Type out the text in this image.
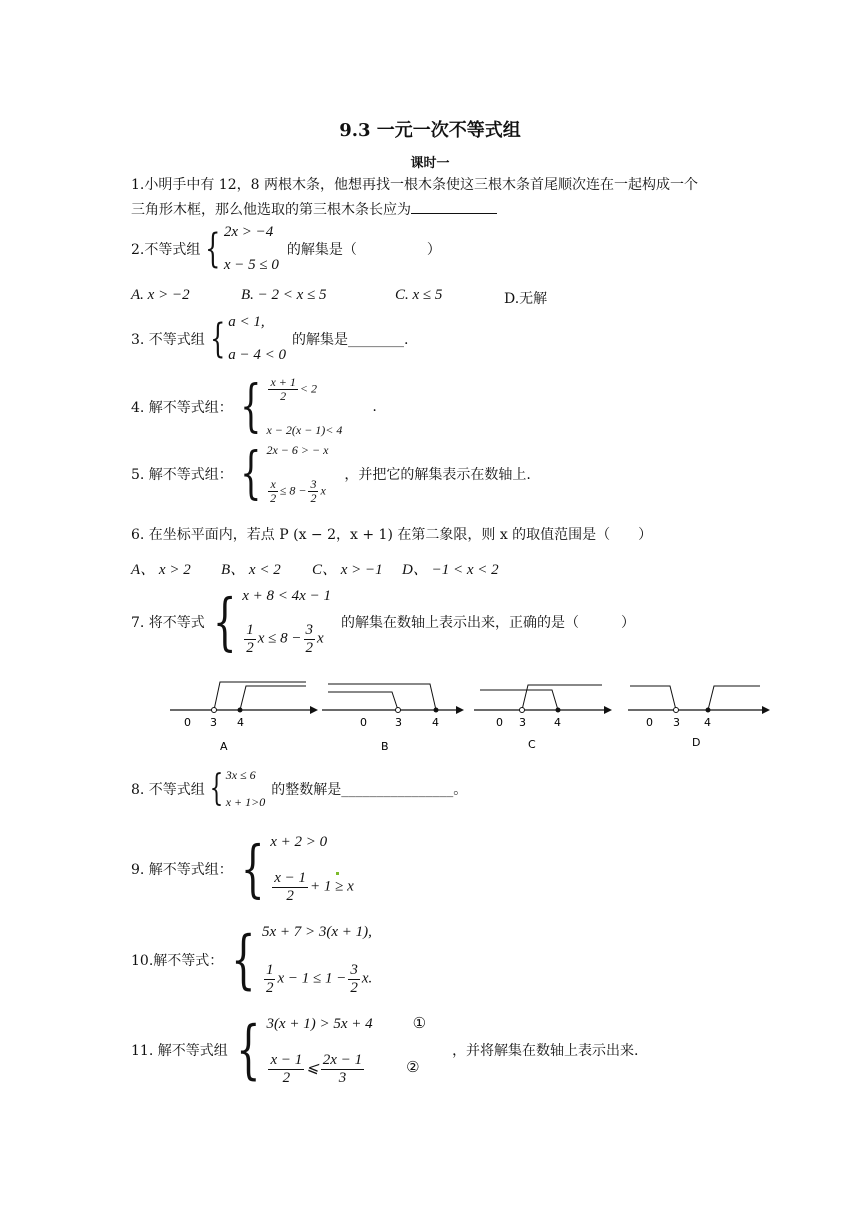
9.3 一元一次不等式组
课时一
1.小明手中有 12，8 两根木条，他想再找一根木条使这三根木条首尾顺次连在一起构成一个
三角形木框，那么他选取的第三根木条长应为
2.不等式组 { 2x > −4
x − 5 ≤ 0
的解集是（　　　　　）
A. x > −2	B. − 2 < x ≤ 5	C. x ≤ 5	D.无解
3. 不等式组 { a < 1,
a − 4 < 0
的解集是________.
4. 解不等式组： { $\frac{x + 1}{2} < 2$
x − 2(x − 1)< 4
.
5. 解不等式组： { 2x − 6 > − x
$\frac{x}{2} \le 8 - \frac{3}{2}$ x
，并把它的解集表示在数轴上.
6. 在坐标平面内，若点 P (x − 2，x + 1) 在第二象限，则 x 的取值范围是（　　）
A、 x > 2 B、 x < 2 C、 x > −1 D、 −1 < x < 2
7. 将不等式 { x + 8 < 4x − 1
$\frac{1}{2}$ $x \le 8 - \frac{3}{2}$ x
的解集在数轴上表示出来，正确的是（　　　）
0 3 4
A
0	3	4
B
0 3	4
C
0 3 4
D
8. 不等式组 { 3x ≤ 6
x + 1>0
的整数解是________________。
9. 解不等式组： { x + 2 > 0
$\frac{x - 1}{2} + 1 \ge x$
10.解不等式： { 5x + 7 > 3(x + 1),
$\frac{1}{2}$ $x - 1 \le 1 - \frac{3}{2} x$.
11. 解不等式组 { 3(x + 1) > 5x + 4	①
$\frac{x - 1}{2}$ ⩽ $\frac{2x - 1}{3}$	②
，并将解集在数轴上表示出来.
